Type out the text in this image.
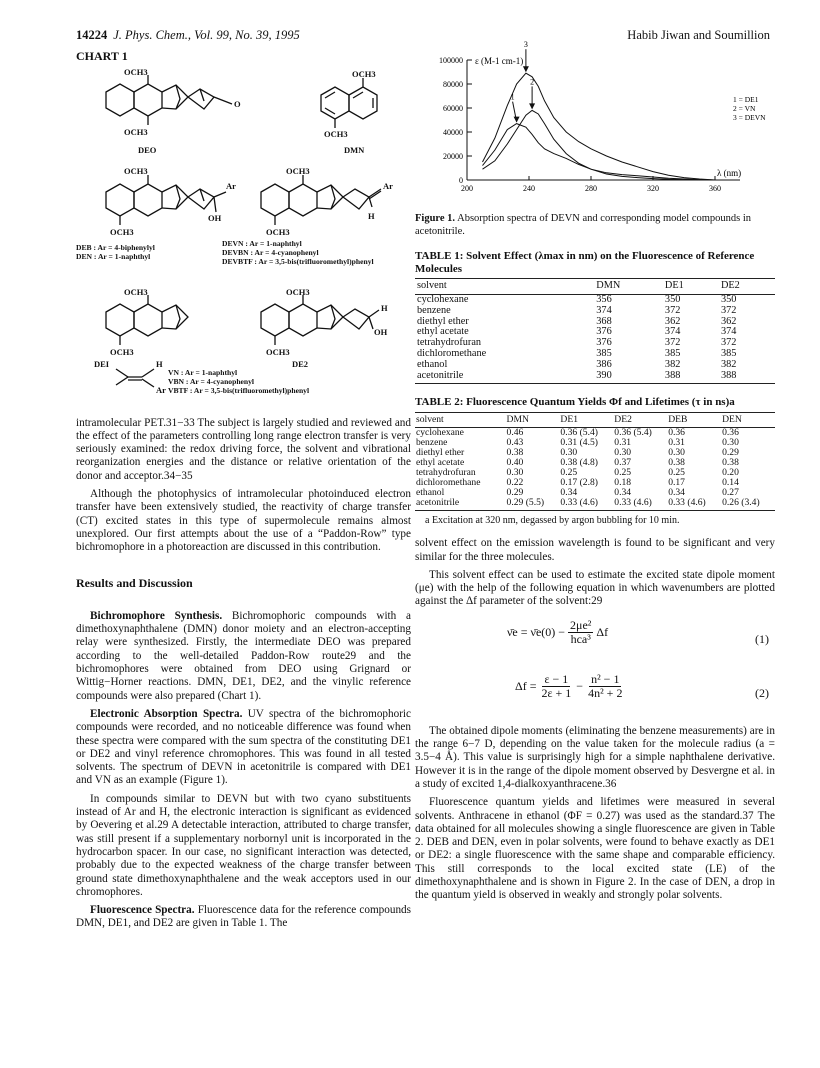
14224 J. Phys. Chem., Vol. 99, No. 39, 1995	Habib Jiwan and Soumillion
CHART 1
OCH3
OCH3
O
DEO
OCH3
OCH3
DMN
OCH3
Ar
OH
OCH3
OCH3
Ar
H
OCH3
OCH3
OCH3
DEI
OCH3
H
OH
OCH3
DE2
H
Ar
DEB : Ar = 4-biphenylyl
DEN : Ar = 1-naphthyl
DEVN : Ar = 1-naphthyl
DEVBN : Ar = 4-cyanophenyl
DEVBTF : Ar = 3,5-bis(trifluoromethyl)phenyl
VN : Ar = 1-naphthyl
VBN : Ar = 4-cyanophenyl
VBTF : Ar = 3,5-bis(trifluoromethyl)phenyl

intramolecular PET.31−33 The subject is largely studied and reviewed and the effect of the parameters controlling long range electron transfer is very seriously examined: the redox driving force, the solvent and vibrational reorganization energies and the distance or relative orientation of the donor and acceptor.34−35

Although the photophysics of intramolecular photoinduced electron transfer have been extensively studied, the reactivity of charge transfer (CT) excited states in this type of supermolecule remains almost unexplored. Our first attempts about the use of a “Paddon-Row” type bichromophore in a photoreaction are discussed in this contribution.

Results and Discussion

Bichromophore Synthesis. Bichromophoric compounds with a dimethoxynaphthalene (DMN) donor moiety and an electron-accepting relay were synthesized. Firstly, the intermediate DEO was prepared according to the well-detailed Paddon-Row route29 and the bichromophores were obtained from DEO using Grignard or Wittig−Horner reactions. DMN, DE1, DE2, and the vinylic reference compounds were also prepared (Chart 1).

Electronic Absorption Spectra. UV spectra of the bichromophoric compounds were recorded, and no noticeable difference was found when these spectra were compared with the sum spectra of the constituting DE1 or DE2 and vinyl reference chromophores. This was found in all tested solvents. The spectrum of DEVN in acetonitrile is compared with DE1 and VN as an example (Figure 1).

In compounds similar to DEVN but with two cyano substituents instead of Ar and H, the electronic interaction is significant as evidenced by Oevering et al.29 A detectable interaction, attributed to charge transfer, was still present if a supplementary norbornyl unit is incorporated in the hydrocarbon spacer. In our case, no significant interaction was detected, probably due to the expected weakness of the charge transfer between ground state dimethoxynaphthalene and the weak acceptors used in our chromophores.

Fluorescence Spectra. Fluorescence data for the reference compounds DMN, DE1, and DE2 are given in Table 1. The

0
20000
40000
60000
80000
100000
200	240	280	320	360
ε (M-1 cm-1)
λ (nm)
1
2
3
1 = DE1
2 = VN
3 = DEVN
Figure 1. Absorption spectra of DEVN and corresponding model compounds in acetonitrile.
TABLE 1: Solvent Effect (λmax in nm) on the Fluorescence of Reference Molecules
solvent	DMN	DE1	DE2
cyclohexane	356	350	350
benzene	374	372	372
diethyl ether	368	362	362
ethyl acetate	376	374	374
tetrahydrofuran	376	372	372
dichloromethane	385	385	385
ethanol	386	382	382
acetonitrile	390	388	388
TABLE 2: Fluorescence Quantum Yields Φf and Lifetimes (τ in ns)a
solvent	DMN	DE1	DE2	DEB	DEN
cyclohexane	0.46	0.36 (5.4)	0.36 (5.4)	0.36	0.36
benzene	0.43	0.31 (4.5)	0.31	0.31	0.30
diethyl ether	0.38	0.30	0.30	0.30	0.29
ethyl acetate	0.40	0.38 (4.8)	0.37	0.38	0.38
tetrahydrofuran	0.30	0.25	0.25	0.25	0.20
dichloromethane	0.22	0.17 (2.8)	0.18	0.17	0.14
ethanol	0.29	0.34	0.34	0.34	0.27
acetonitrile	0.29 (5.5)	0.33 (4.6)	0.33 (4.6)	0.33 (4.6)	0.26 (3.4)
a Excitation at 320 nm, degassed by argon bubbling for 10 min.

solvent effect on the emission wavelength is found to be significant and very similar for the three molecules.

This solvent effect can be used to estimate the excited state dipole moment (μe) with the help of the following equation in which wavenumbers are plotted against the Δf parameter of the solvent:29

ν̄e = ν̄e(0) − $\frac{\text{2μe²}}{\text{hca³}}$ Δf	(1)
$\Delta f = \frac{\varepsilon - 1}{2\varepsilon + 1} - \frac{\text{n² − 1}}{\text{4n² + 2}}$	(2)

The obtained dipole moments (eliminating the benzene measurements) are in the range 6−7 D, depending on the value taken for the molecule radius (a = 3.5−4 Å). This value is surprisingly high for a simple naphthalene derivative. However it is in the range of the dipole moment observed by Desvergne et al. in a study of excited 1,4-dialkoxyanthracene.36

Fluorescence quantum yields and lifetimes were measured in several solvents. Anthracene in ethanol (ΦF = 0.27) was used as the standard.37 The data obtained for all molecules showing a single fluorescence are given in Table 2. DEB and DEN, even in polar solvents, were found to behave exactly as DE1 or DE2: a single fluorescence with the same shape and comparable efficiency. This still corresponds to the local excited state (LE) of the dimethoxynaphthalene and is shown in Figure 2. In the case of DEN, a drop in the quantum yield is observed in weakly and strongly polar solvents.
